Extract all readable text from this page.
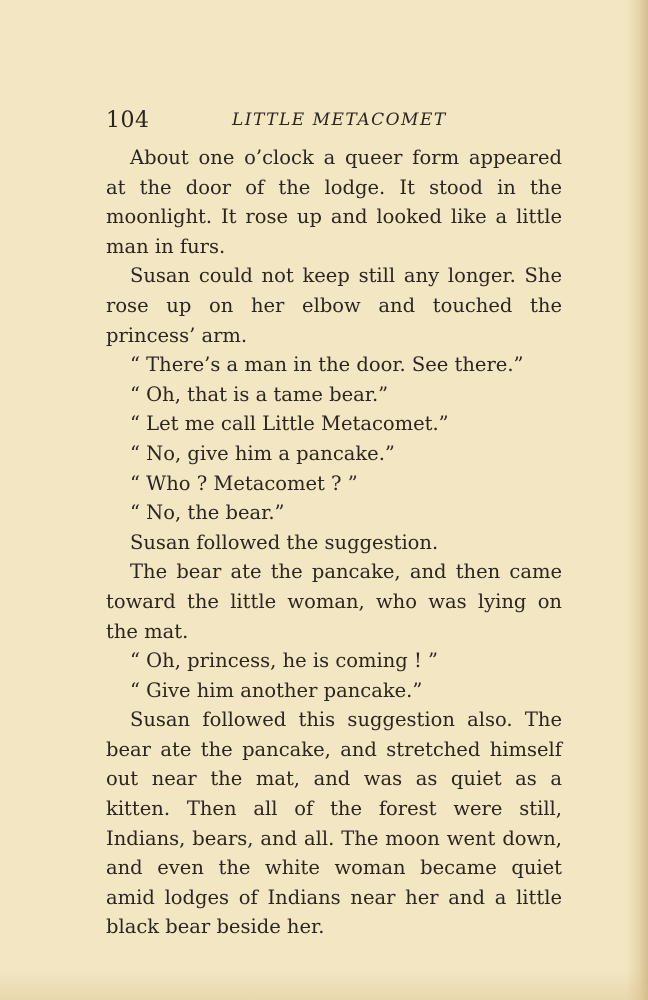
104	LITTLE METACOMET

About one o’clock a queer form appeared at the door of the lodge. It stood in the moonlight. It rose up and looked like a little man in furs.

Susan could not keep still any longer. She rose up on her elbow and touched the princess’ arm.

“ There’s a man in the door. See there.”

“ Oh, that is a tame bear.”

“ Let me call Little Metacomet.”

“ No, give him a pancake.”

“ Who ? Metacomet ? ”

“ No, the bear.”

Susan followed the suggestion.

The bear ate the pancake, and then came toward the little woman, who was lying on the mat.

“ Oh, princess, he is coming ! ”

“ Give him another pancake.”

Susan followed this suggestion also. The bear ate the pancake, and stretched himself out near the mat, and was as quiet as a kitten. Then all of the forest were still, Indians, bears, and all. The moon went down, and even the white woman became quiet amid lodges of Indians near her and a little black bear beside her.
